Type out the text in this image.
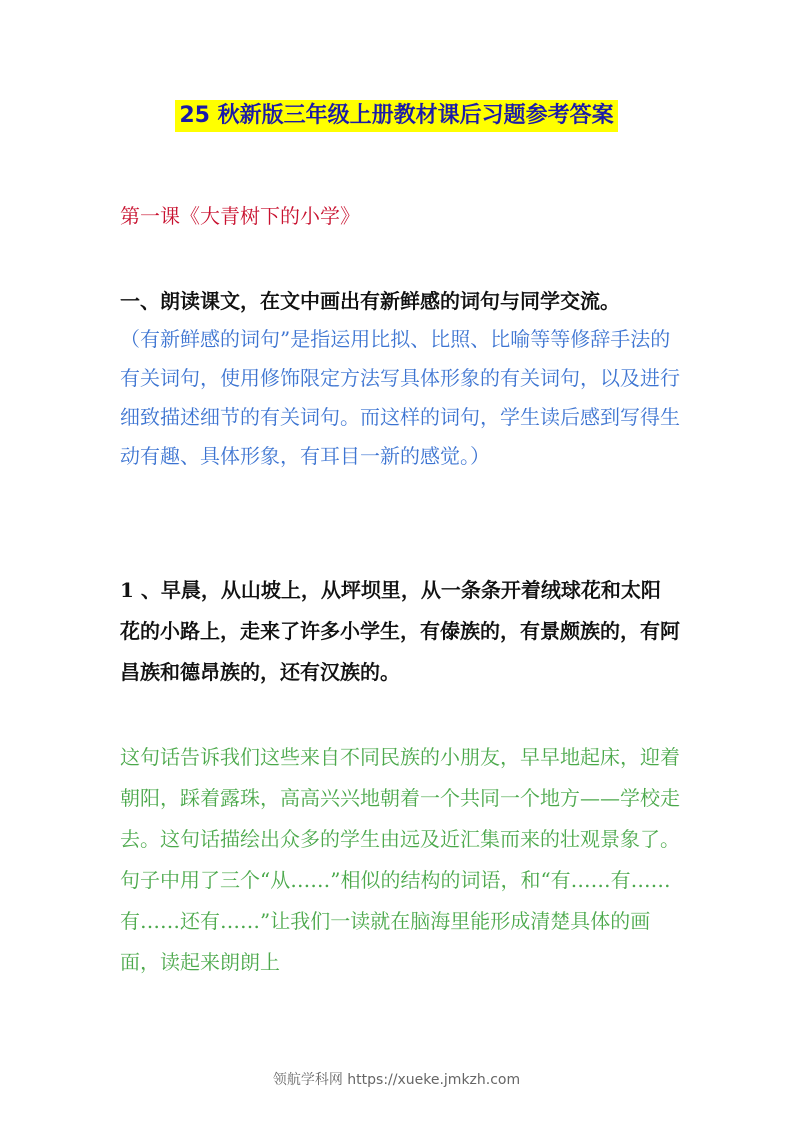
25 秋新版三年级上册教材课后习题参考答案
第一课《大青树下的小学》

一、朗读课文，在文中画出有新鲜感的词句与同学交流。

（有新鲜感的词句”是指运用比拟、比照、比喻等等修辞手法的有关词句，使用修饰限定方法写具体形象的有关词句，以及进行细致描述细节的有关词句。而这样的词句，学生读后感到写得生动有趣、具体形象，有耳目一新的感觉。）

1 、早晨，从山坡上，从坪坝里，从一条条开着绒球花和太阳花的小路上，走来了许多小学生，有傣族的，有景颇族的，有阿昌族和德昂族的，还有汉族的。

这句话告诉我们这些来自不同民族的小朋友，早早地起床，迎着朝阳，踩着露珠，高高兴兴地朝着一个共同一个地方——学校走去。这句话描绘出众多的学生由远及近汇集而来的壮观景象了。句子中用了三个“从……”相似的结构的词语，和“有……有……有……还有……”让我们一读就在脑海里能形成清楚具体的画面，读起来朗朗上

领航学科网 https://xueke.jmkzh.com
